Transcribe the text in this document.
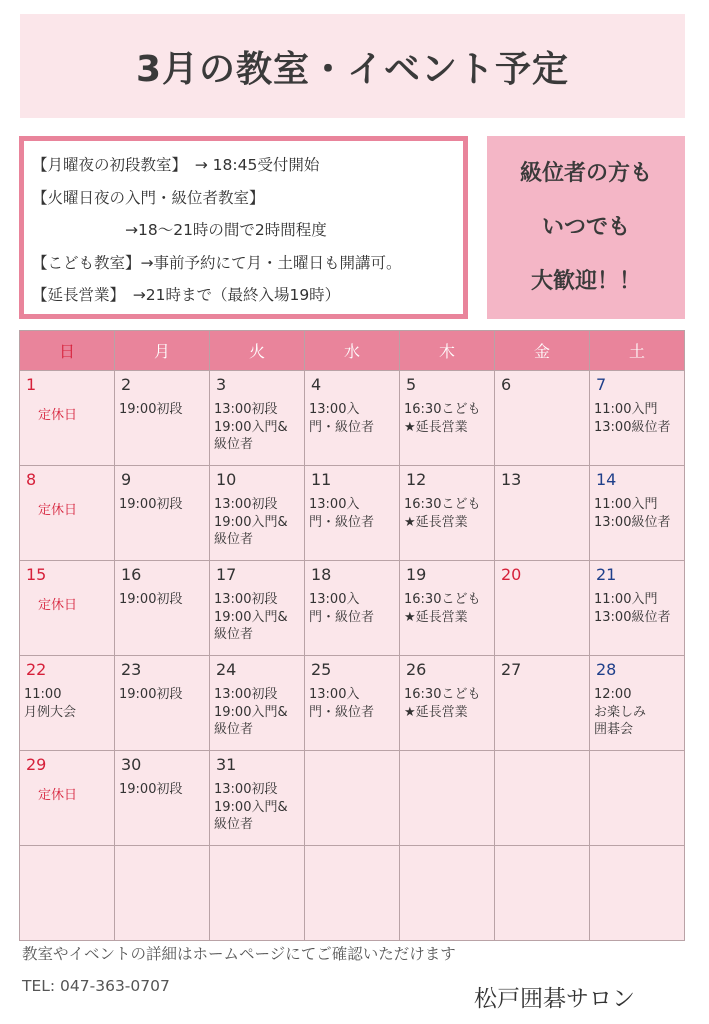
3月の教室・イベント予定
【月曜夜の初段教室】　→ 18:45受付開始
【火曜日夜の入門・級位者教室】
　　　　　　→18～21時の間で2時間程度
【こども教室】→事前予約にて月・土曜日も開講可。
【延長営業】　→21時まで（最終入場19時）
級位者の方も
いつでも
大歓迎！！
日	月	火	水	木	金	土

1
定休日	2
19:00初段	3
13:00初段
19:00入門&
級位者	4
13:00入
門・級位者	5
16:30こども
★延長営業	6	7
11:00入門
13:00級位者

8
定休日	9
19:00初段	10
13:00初段
19:00入門&
級位者	11
13:00入
門・級位者	12
16:30こども
★延長営業	13	14
11:00入門
13:00級位者

15
定休日	16
19:00初段	17
13:00初段
19:00入門&
級位者	18
13:00入
門・級位者	19
16:30こども
★延長営業	20	21
11:00入門
13:00級位者

22
11:00
月例大会	23
19:00初段	24
13:00初段
19:00入門&
級位者	25
13:00入
門・級位者	26
16:30こども
★延長営業	27	28
12:00
お楽しみ
囲碁会

29
定休日	30
19:00初段	31
13:00初段
19:00入門&
級位者				

教室やイベントの詳細はホームページにてご確認いただけます
TEL: 047-363-0707	松戸囲碁サロン
